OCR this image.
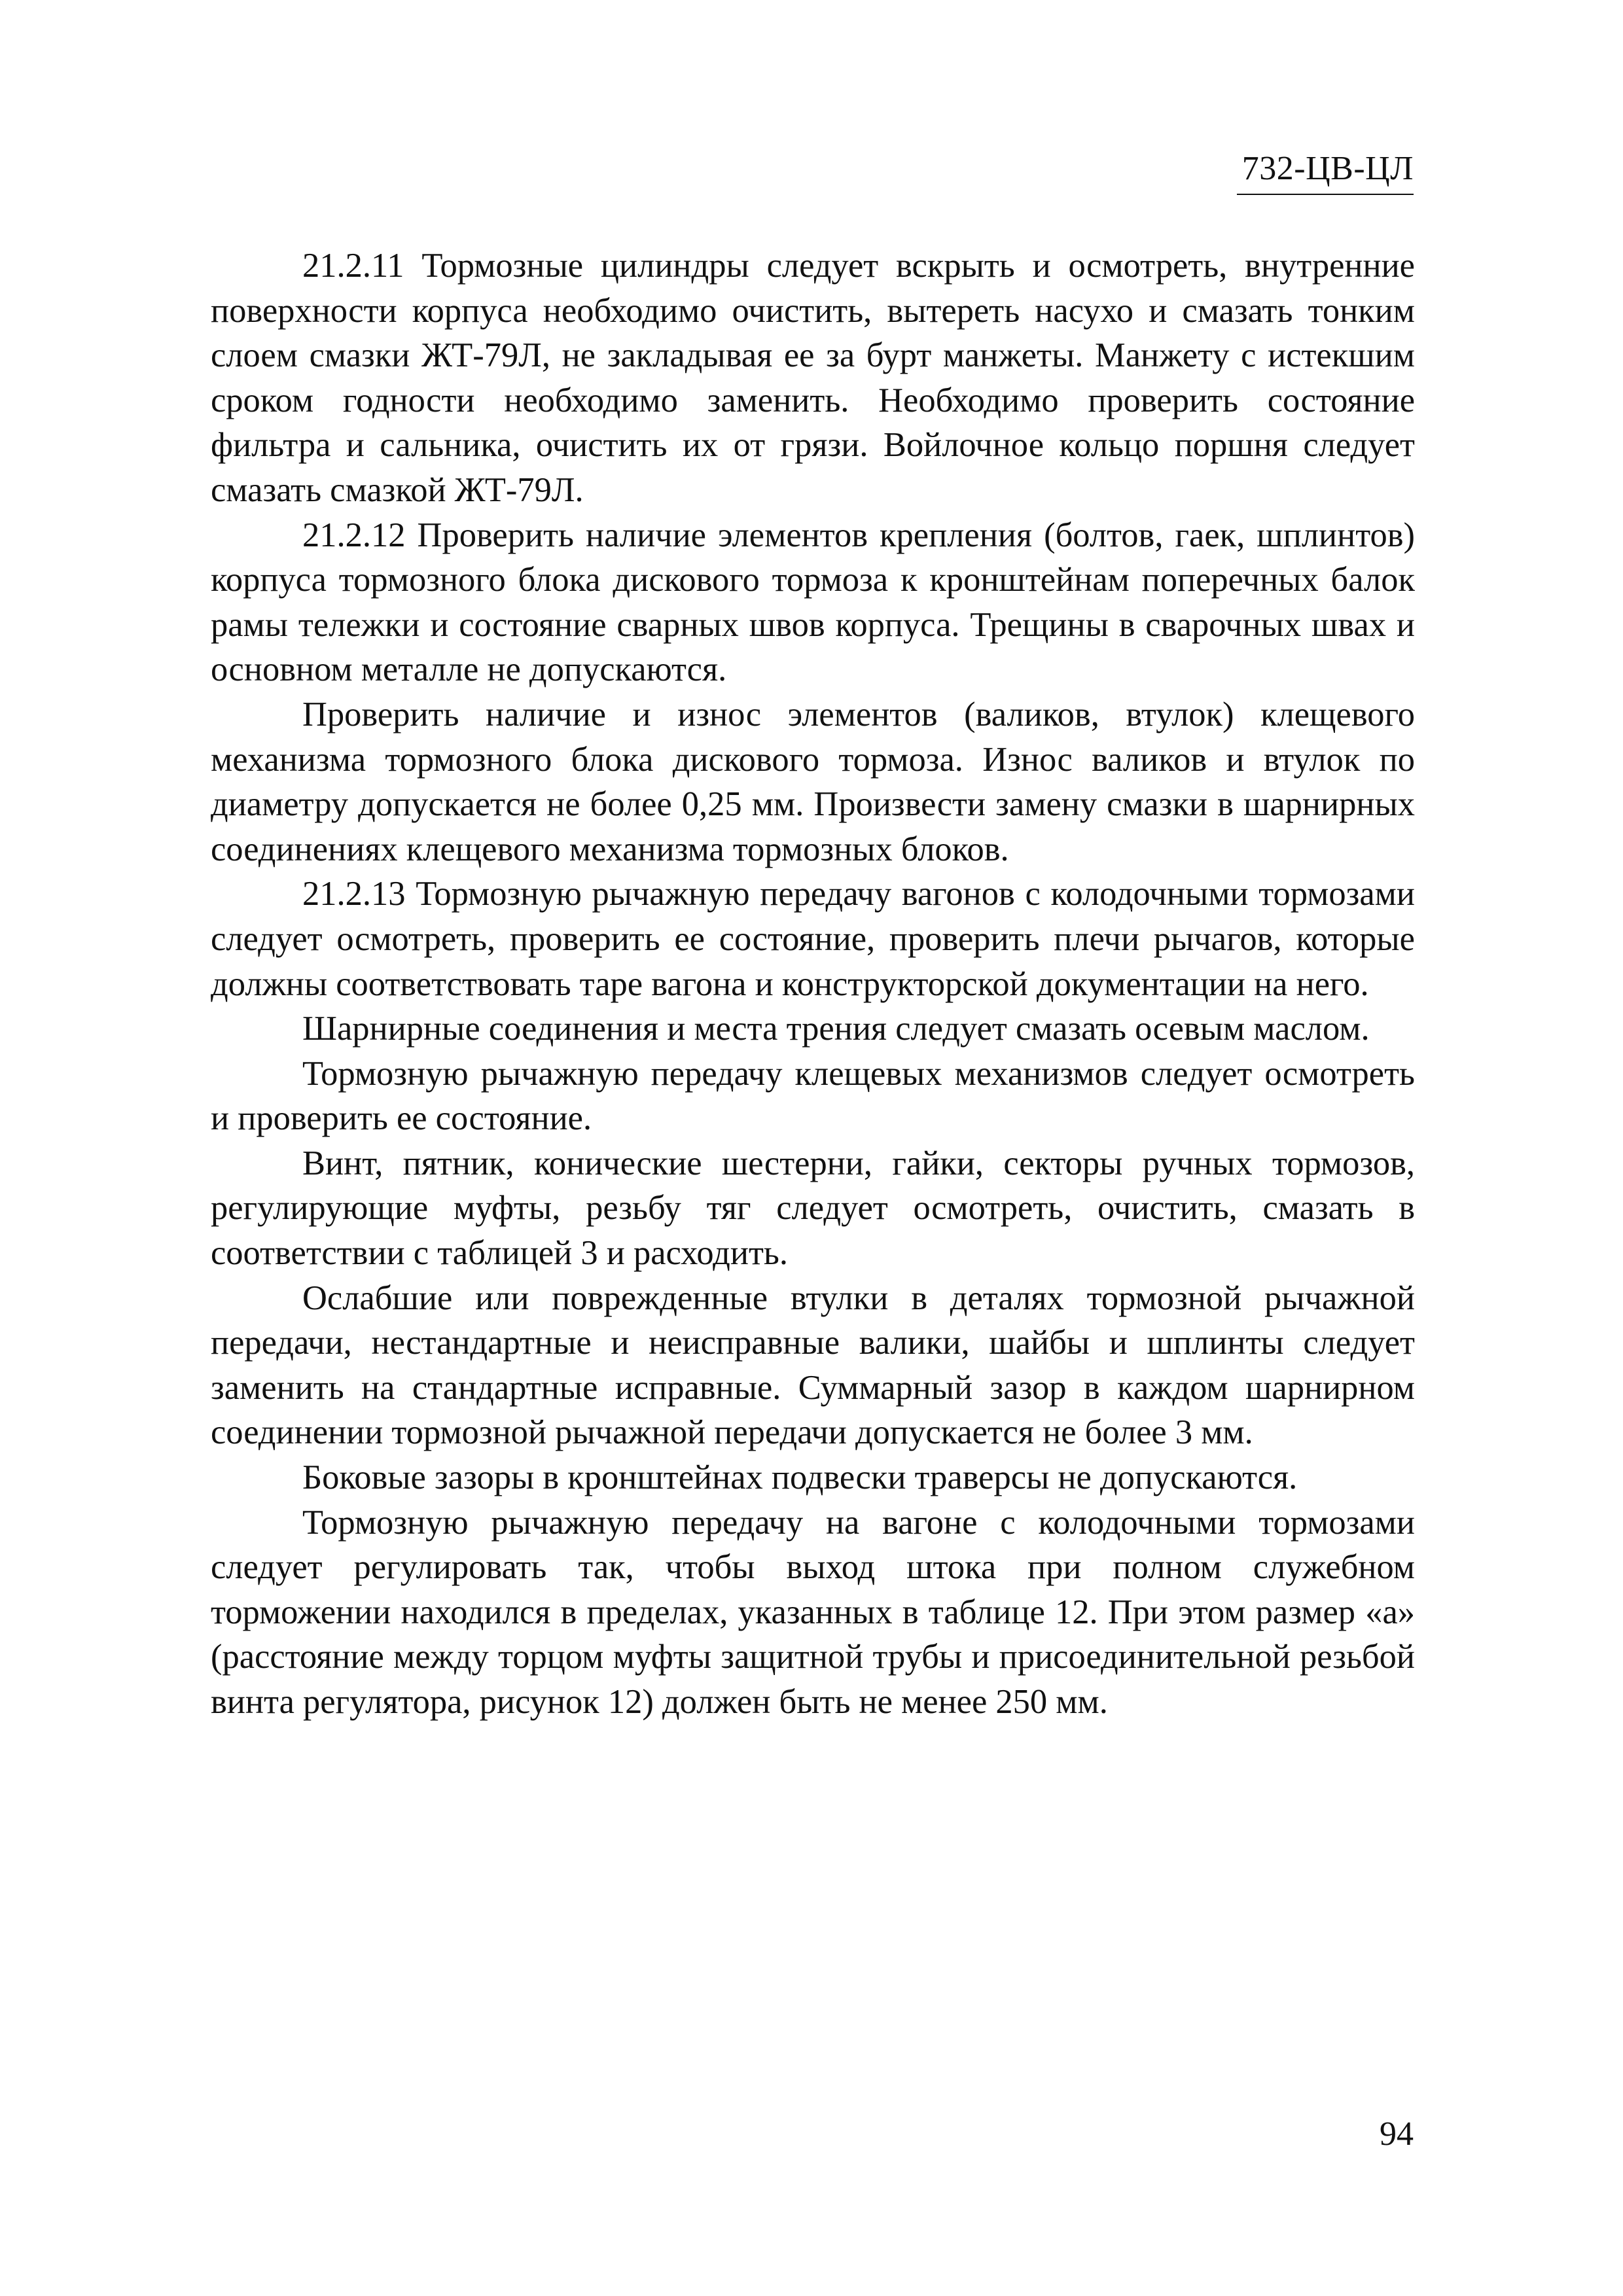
732-ЦВ-ЦЛ

21.2.11 Тормозные цилиндры следует вскрыть и осмотреть, внутренние поверхности корпуса необходимо очистить, вытереть насухо и смазать тонким слоем смазки ЖТ-79Л, не закладывая ее за бурт манжеты. Манжету с истекшим сроком годности необходимо заменить. Необходимо проверить состояние фильтра и сальника, очистить их от грязи. Войлочное кольцо поршня следует смазать смазкой ЖТ-79Л.

21.2.12 Проверить наличие элементов крепления (болтов, гаек, шплинтов) корпуса тормозного блока дискового тормоза к кронштейнам поперечных балок рамы тележки и состояние сварных швов корпуса. Трещины в сварочных швах и основном металле не допускаются.

Проверить наличие и износ элементов (валиков, втулок) клещевого механизма тормозного блока дискового тормоза. Износ валиков и втулок по диаметру допускается не более 0,25 мм. Произвести замену смазки в шарнирных соединениях клещевого механизма тормозных блоков.

21.2.13 Тормозную рычажную передачу вагонов с колодочными тормозами следует осмотреть, проверить ее состояние, проверить плечи рычагов, которые должны соответствовать таре вагона и конструкторской документации на него.

Шарнирные соединения и места трения следует смазать осевым маслом.

Тормозную рычажную передачу клещевых механизмов следует осмотреть и проверить ее состояние.

Винт, пятник, конические шестерни, гайки, секторы ручных тормозов, регулирующие муфты, резьбу тяг следует осмотреть, очистить, смазать в соответствии с таблицей 3 и расходить.

Ослабшие или поврежденные втулки в деталях тормозной рычажной передачи, нестандартные и неисправные валики, шайбы и шплинты следует заменить на стандартные исправные. Суммарный зазор в каждом шарнирном соединении тормозной рычажной передачи допускается не более 3 мм.

Боковые зазоры в кронштейнах подвески траверсы не допускаются.

Тормозную рычажную передачу на вагоне с колодочными тормозами следует регулировать так, чтобы выход штока при полном служебном торможении находился в пределах, указанных в таблице 12. При этом размер «а» (расстояние между торцом муфты защитной трубы и присоединительной резьбой винта регулятора, рисунок 12) должен быть не менее 250 мм.

94
